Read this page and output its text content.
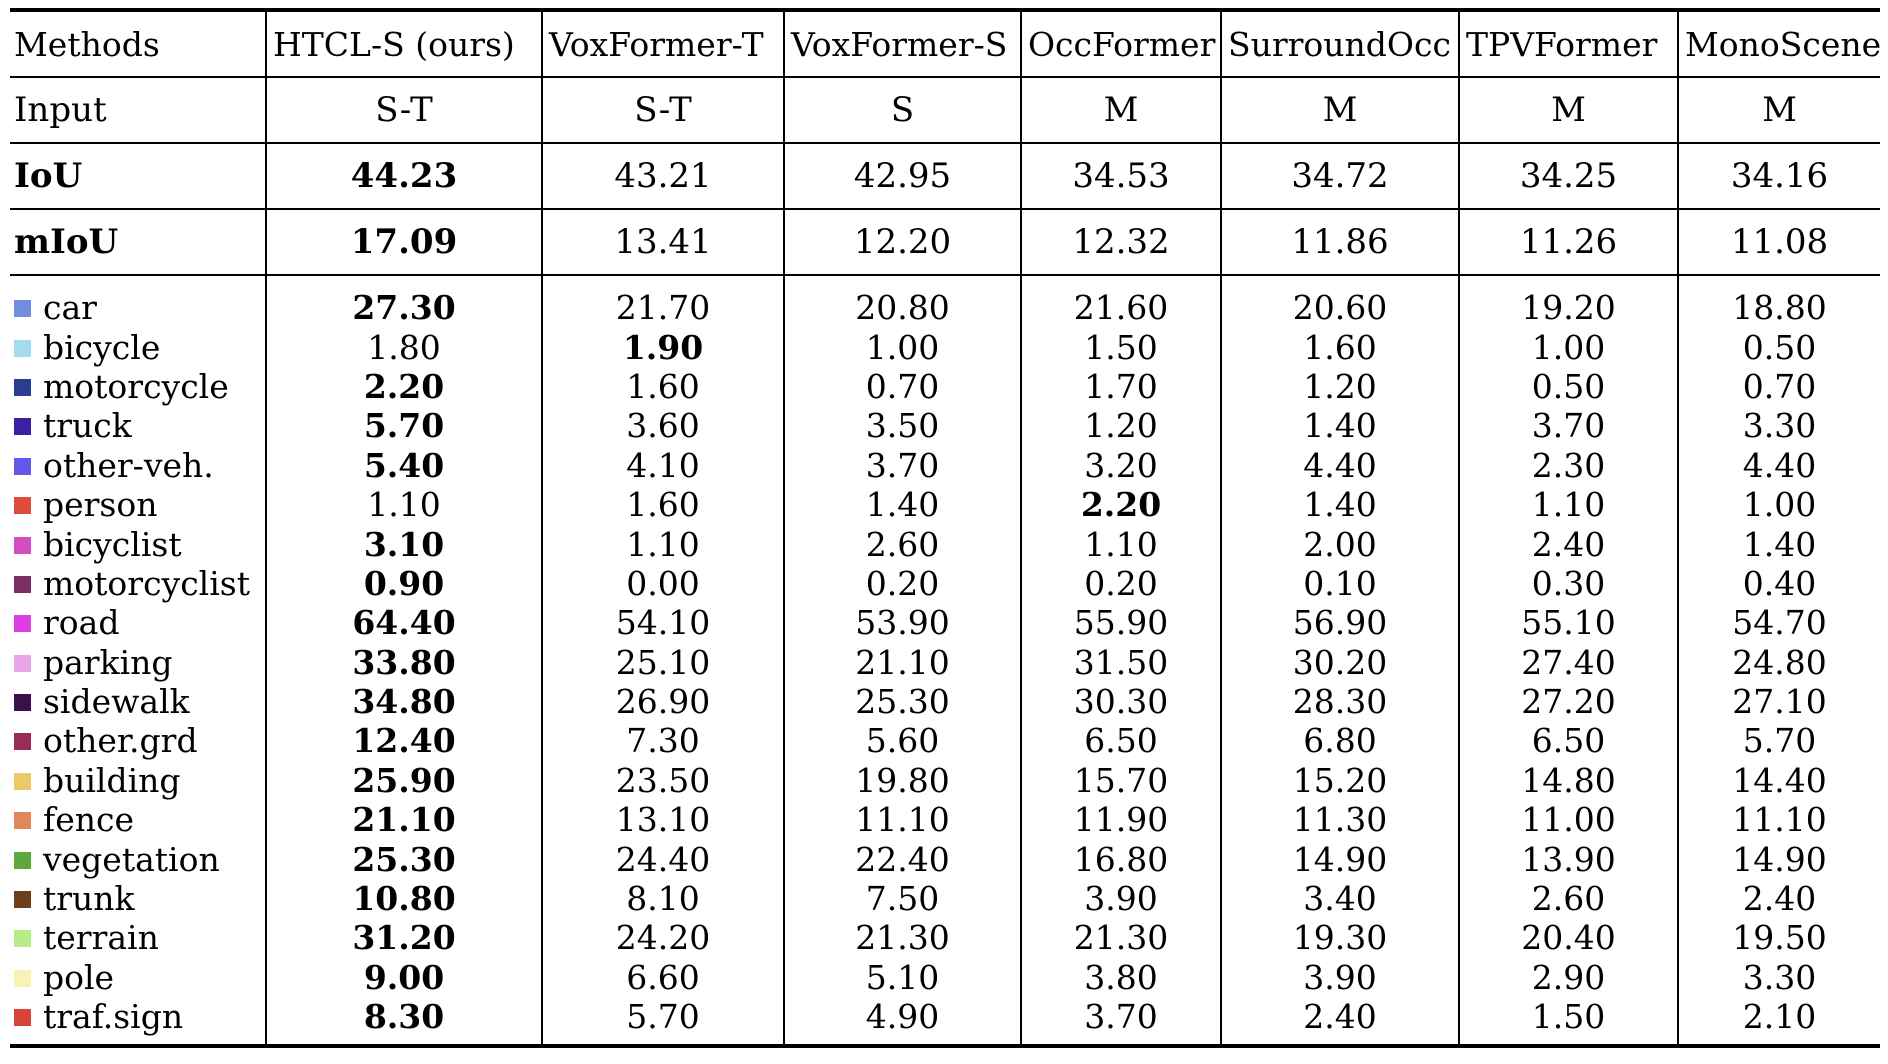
Methods	HTCL-S (ours)	VoxFormer-T	VoxFormer-S	OccFormer	SurroundOcc	TPVFormer	MonoScene
Input	S-T	S-T	S	M	M	M	M
IoU	44.23	43.21	42.95	34.53	34.72	34.25	34.16
mIoU	17.09	13.41	12.20	12.32	11.86	11.26	11.08
car	27.30	21.70	20.80	21.60	20.60	19.20	18.80
bicycle	1.80	1.90	1.00	1.50	1.60	1.00	0.50
motorcycle	2.20	1.60	0.70	1.70	1.20	0.50	0.70
truck	5.70	3.60	3.50	1.20	1.40	3.70	3.30
other-veh.	5.40	4.10	3.70	3.20	4.40	2.30	4.40
person	1.10	1.60	1.40	2.20	1.40	1.10	1.00
bicyclist	3.10	1.10	2.60	1.10	2.00	2.40	1.40
motorcyclist	0.90	0.00	0.20	0.20	0.10	0.30	0.40
road	64.40	54.10	53.90	55.90	56.90	55.10	54.70
parking	33.80	25.10	21.10	31.50	30.20	27.40	24.80
sidewalk	34.80	26.90	25.30	30.30	28.30	27.20	27.10
other.grd	12.40	7.30	5.60	6.50	6.80	6.50	5.70
building	25.90	23.50	19.80	15.70	15.20	14.80	14.40
fence	21.10	13.10	11.10	11.90	11.30	11.00	11.10
vegetation	25.30	24.40	22.40	16.80	14.90	13.90	14.90
trunk	10.80	8.10	7.50	3.90	3.40	2.60	2.40
terrain	31.20	24.20	21.30	21.30	19.30	20.40	19.50
pole	9.00	6.60	5.10	3.80	3.90	2.90	3.30
traf.sign	8.30	5.70	4.90	3.70	2.40	1.50	2.10
